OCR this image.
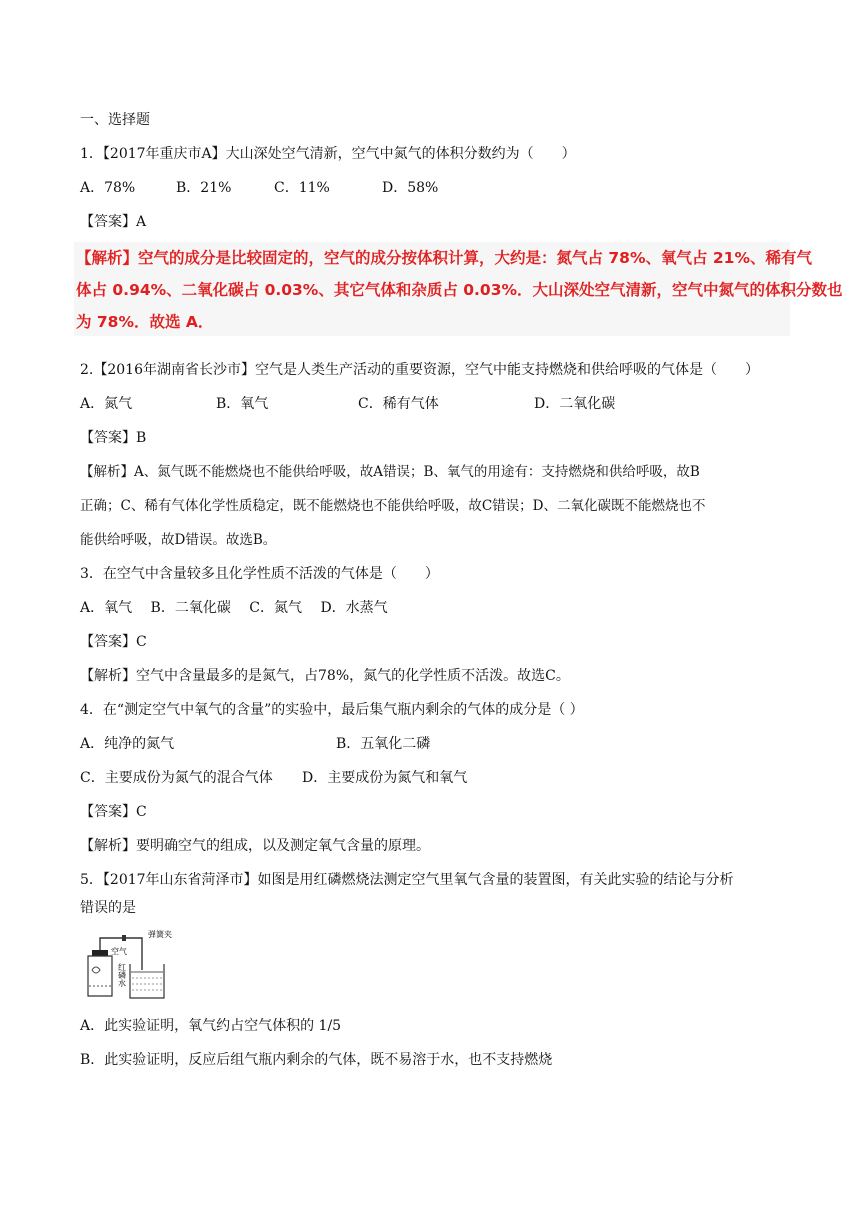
一、选择题
1．【2017年重庆市A】大山深处空气清新，空气中氮气的体积分数约为（　　）
A．78%	B．21%	C．11%	D．58%
【答案】A
【解析】空气的成分是比较固定的，空气的成分按体积计算，大约是：氮气占 78%、氧气占 21%、稀有气
体占 0.94%、二氧化碳占 0.03%、其它气体和杂质占 0.03%．大山深处空气清新，空气中氮气的体积分数也
为 78%．故选 A．
2.【2016年湖南省长沙市】空气是人类生产活动的重要资源，空气中能支持燃烧和供给呼吸的气体是（　　）
A．氮气	B．氧气	C．稀有气体	D．二氧化碳
【答案】B
【解析】A、氮气既不能燃烧也不能供给呼吸，故A错误；B、氧气的用途有：支持燃烧和供给呼吸，故B
正确；C、稀有气体化学性质稳定，既不能燃烧也不能供给呼吸，故C错误；D、二氧化碳既不能燃烧也不
能供给呼吸，故D错误。故选B。
3．在空气中含量较多且化学性质不活泼的气体是（　　）
A．氧气　 B．二氧化碳　 C．氮气　 D．水蒸气
【答案】C
【解析】空气中含量最多的是氮气，占78%，氮气的化学性质不活泼。故选C。
4．在“测定空气中氧气的含量”的实验中，最后集气瓶内剩余的气体的成分是（ ）
A．纯净的氮气	B．五氧化二磷
C．主要成份为氮气的混合气体 D．主要成份为氮气和氧气
【答案】C
【解析】要明确空气的组成，以及测定氧气含量的原理。
5．【2017年山东省菏泽市】如图是用红磷燃烧法测定空气里氧气含量的装置图，有关此实验的结论与分析
错误的是
弹簧夹
空气
红
磷
水
A．此实验证明，氧气约占空气体积的 1/5
B．此实验证明，反应后组气瓶内剩余的气体，既不易溶于水，也不支持燃烧
